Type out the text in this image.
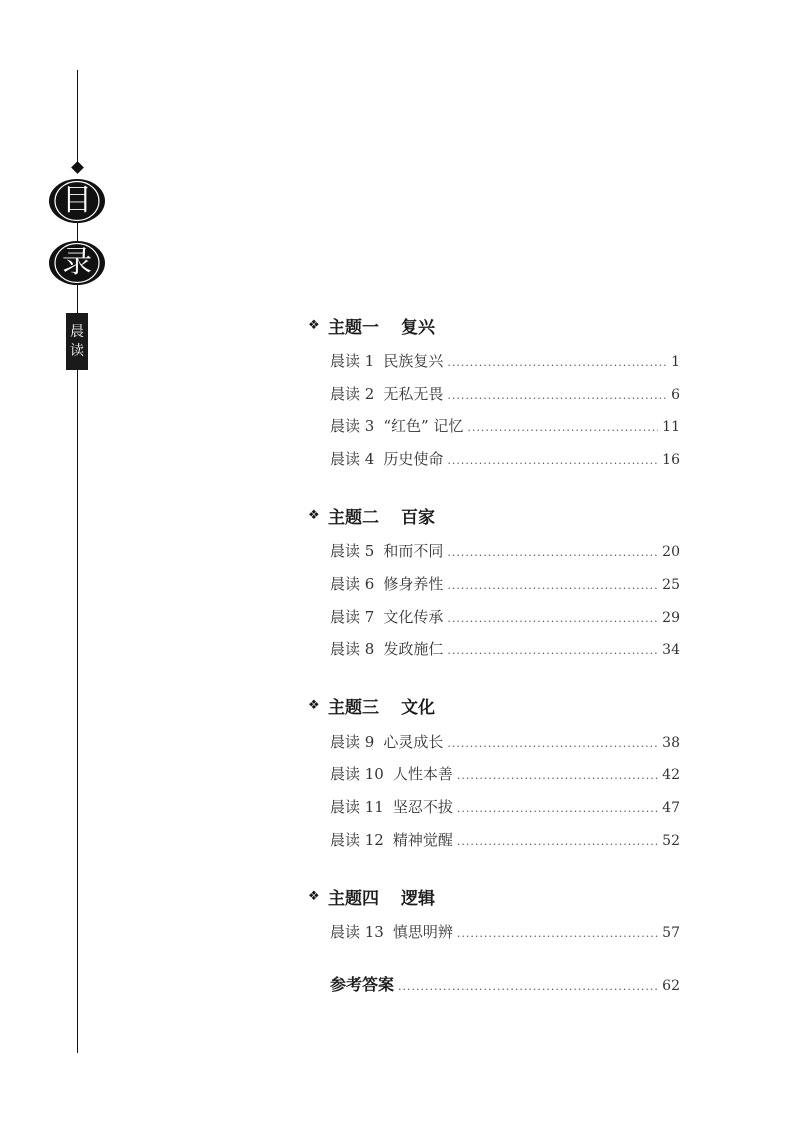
目
录
晨
读
❖ 主题一 复兴
晨读 1 民族复兴 .....	1
晨读 2 无私无畏 .....	6
晨读 3 “红色” 记忆 .....	11
晨读 4 历史使命 .....	16
❖ 主题二 百家
晨读 5 和而不同 .....	20
晨读 6 修身养性 .....	25
晨读 7 文化传承 .....	29
晨读 8 发政施仁 .....	34
❖ 主题三 文化
晨读 9 心灵成长 .....	38
晨读 10 人性本善 .....	42
晨读 11 坚忍不拔 .....	47
晨读 12 精神觉醒 .....	52
❖ 主题四 逻辑
晨读 13 慎思明辨 .....	57
参考答案 .....	62
